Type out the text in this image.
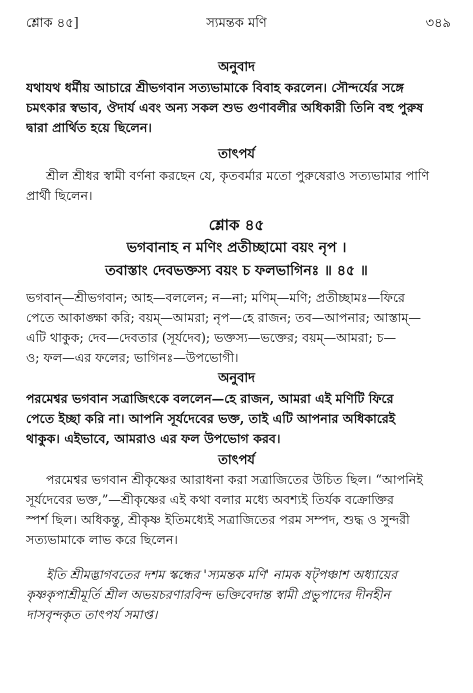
শ্লোক ৪৫]	স্যমন্তক মণি	৩৪৯
অনুবাদ

যথাযথ ধর্মীয় আচারে শ্রীভগবান সত্যভামাকে বিবাহ করলেন। সৌন্দর্যের সঙ্গে

চমৎকার স্বভাব, ঔদার্য এবং অন্য সকল শুভ গুণাবলীর অধিকারী তিনি বহু পুরুষ

দ্বারা প্রার্থিত হয়ে ছিলেন।

তাৎপর্য

শ্রীল শ্রীধর স্বামী বর্ণনা করছেন যে, কৃতবর্মার মতো পুরুষেরাও সত্যভামার পাণি

প্রার্থী ছিলেন।

শ্লোক ৪৫
ভগবানাহ ন মণিং প্রতীচ্ছামো বয়ং নৃপ ।
তবাস্তাং দেবভক্তস্য বয়ং চ ফলভাগিনঃ ॥ ৪৫ ॥

ভগবান্—শ্রীভগবান; আহ—বললেন; ন—না; মণিম্—মণি; প্রতীচ্ছামঃ—ফিরে

পেতে আকাঙ্ক্ষা করি; বয়ম্—আমরা; নৃপ—হে রাজন; তব—আপনার; আস্তাম্—

এটি থাকুক; দেব—দেবতার (সূর্যদেব); ভক্তস্য—ভক্তের; বয়ম্—আমরা; চ—

ও; ফল—এর ফলের; ভাগিনঃ—উপভোগী।

অনুবাদ

পরমেশ্বর ভগবান সত্রাজিৎকে বললেন—হে রাজন, আমরা এই মণিটি ফিরে

পেতে ইচ্ছা করি না। আপনি সূর্যদেবের ভক্ত, তাই এটি আপনার অধিকারেই

থাকুক। এইভাবে, আমরাও এর ফল উপভোগ করব।

তাৎপর্য

পরমেশ্বর ভগবান শ্রীকৃষ্ণের আরাধনা করা সত্রাজিতের উচিত ছিল। “আপনিই

সূর্যদেবের ভক্ত,”—শ্রীকৃষ্ণের এই কথা বলার মধ্যে অবশ্যই তির্যক বক্রোক্তির

স্পর্শ ছিল। অধিকন্তু, শ্রীকৃষ্ণ ইতিমধ্যেই সত্রাজিতের পরম সম্পদ, শুদ্ধ ও সুন্দরী

সত্যভামাকে লাভ করে ছিলেন।

ইতি শ্রীমদ্ভাগবতের দশম স্কন্ধের 'স্যমন্তক মণি' নামক ষট্‌পঞ্চাশ অধ্যায়ের

কৃষ্ণকৃপাশ্রীমূর্তি শ্রীল অভয়চরণারবিন্দ ভক্তিবেদান্ত স্বামী প্রভুপাদের দীনহীন

দাসবৃন্দকৃত তাৎপর্য সমাপ্ত।
